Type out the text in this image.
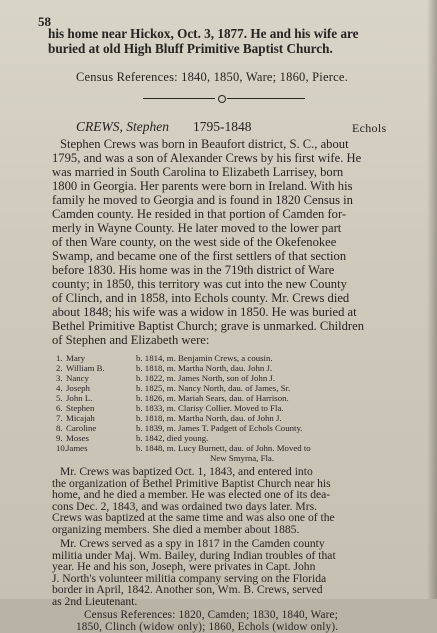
58
his home near Hickox, Oct. 3, 1877. He and his wife are
buried at old High Bluff Primitive Baptist Church.
Census References: 1840, 1850, Ware; 1860, Pierce.
CREWS, Stephen 1795-1848	Echols
Stephen Crews was born in Beaufort district, S. C., about
1795, and was a son of Alexander Crews by his first wife. He
was married in South Carolina to Elizabeth Larrisey, born
1800 in Georgia. Her parents were born in Ireland. With his
family he moved to Georgia and is found in 1820 Census in
Camden county. He resided in that portion of Camden for-
merly in Wayne County. He later moved to the lower part
of then Ware county, on the west side of the Okefenokee
Swamp, and became one of the first settlers of that section
before 1830. His home was in the 719th district of Ware
county; in 1850, this territory was cut into the new County
of Clinch, and in 1858, into Echols county. Mr. Crews died
about 1848; his wife was a widow in 1850. He was buried at
Bethel Primitive Baptist Church; grave is unmarked. Children
of Stephen and Elizabeth were:
1. Mary	b. 1814, m. Benjamin Crews, a cousin.
2. William B.	b. 1818, m. Martha North, dau. John J.
3. Nancy	b. 1822, m. James North, son of John J.
4. Joseph	b. 1825, m. Nancy North, dau. of James, Sr.
5. John L.	b. 1826, m. Mariah Sears, dau. of Harrison.
6. Stephen	b. 1833, m. Clarisy Collier. Moved to Fla.
7. Micajah	b. 1818, m. Martha North, dau. of John J.
8. Caroline	b. 1839, m. James T. Padgett of Echols County.
9. Moses	b. 1842, died young.
10.James	b. 1848, m. Lucy Burnett, dau. of John. Moved to
New Smyrna, Fla.
Mr. Crews was baptized Oct. 1, 1843, and entered into
the organization of Bethel Primitive Baptist Church near his
home, and he died a member. He was elected one of its dea-
cons Dec. 2, 1843, and was ordained two days later. Mrs.
Crews was baptized at the same time and was also one of the
organizing members. She died a member about 1885.
Mr. Crews served as a spy in 1817 in the Camden county
militia under Maj. Wm. Bailey, during Indian troubles of that
year. He and his son, Joseph, were privates in Capt. John
J. North's volunteer militia company serving on the Florida
border in April, 1842. Another son, Wm. B. Crews, served
as 2nd Lieutenant.
Census References: 1820, Camden; 1830, 1840, Ware;
1850, Clinch (widow only); 1860, Echols (widow only).
